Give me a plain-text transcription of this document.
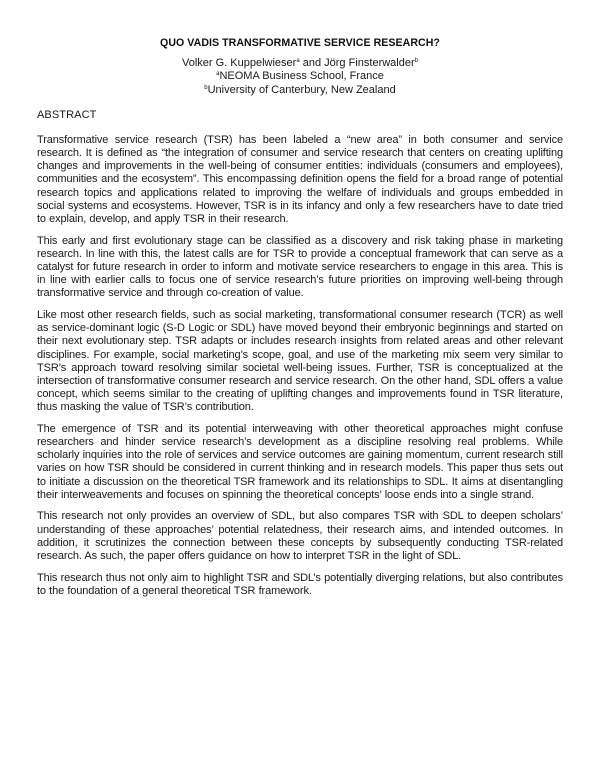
QUO VADIS TRANSFORMATIVE SERVICE RESEARCH?
Volker G. Kuppelwieser$^a$ and Jörg Finsterwalder$^b$
$^a$NEOMA Business School, France
$^b$University of Canterbury, New Zealand
ABSTRACT

Transformative service research (TSR) has been labeled a “new area” in both consumer and service research. It is defined as “the integration of consumer and service research that centers on creating uplifting changes and improvements in the well-being of consumer entities: individuals (consumers and employees), communities and the ecosystem”. This encompassing definition opens the field for a broad range of potential research topics and applications related to improving the welfare of individuals and groups embedded in social systems and ecosystems. However, TSR is in its infancy and only a few researchers have to date tried to explain, develop, and apply TSR in their research.

This early and first evolutionary stage can be classified as a discovery and risk taking phase in marketing research. In line with this, the latest calls are for TSR to provide a conceptual framework that can serve as a catalyst for future research in order to inform and motivate service researchers to engage in this area. This is in line with earlier calls to focus one of service research’s future priorities on improving well-being through transformative service and through co-creation of value.

Like most other research fields, such as social marketing, transformational consumer research (TCR) as well as service-dominant logic (S-D Logic or SDL) have moved beyond their embryonic beginnings and started on their next evolutionary step. TSR adapts or includes research insights from related areas and other relevant disciplines. For example, social marketing’s scope, goal, and use of the marketing mix seem very similar to TSR’s approach toward resolving similar societal well-being issues. Further, TSR is conceptualized at the intersection of transformative consumer research and service research. On the other hand, SDL offers a value concept, which seems similar to the creating of uplifting changes and improvements found in TSR literature, thus masking the value of TSR’s contribution.

The emergence of TSR and its potential interweaving with other theoretical approaches might confuse researchers and hinder service research’s development as a discipline resolving real problems. While scholarly inquiries into the role of services and service outcomes are gaining momentum, current research still varies on how TSR should be considered in current thinking and in research models. This paper thus sets out to initiate a discussion on the theoretical TSR framework and its relationships to SDL. It aims at disentangling their interweavements and focuses on spinning the theoretical concepts’ loose ends into a single strand.

This research not only provides an overview of SDL, but also compares TSR with SDL to deepen scholars’ understanding of these approaches’ potential relatedness, their research aims, and intended outcomes. In addition, it scrutinizes the connection between these concepts by subsequently conducting TSR-related research. As such, the paper offers guidance on how to interpret TSR in the light of SDL.

This research thus not only aim to highlight TSR and SDL’s potentially diverging relations, but also contributes to the foundation of a general theoretical TSR framework.
